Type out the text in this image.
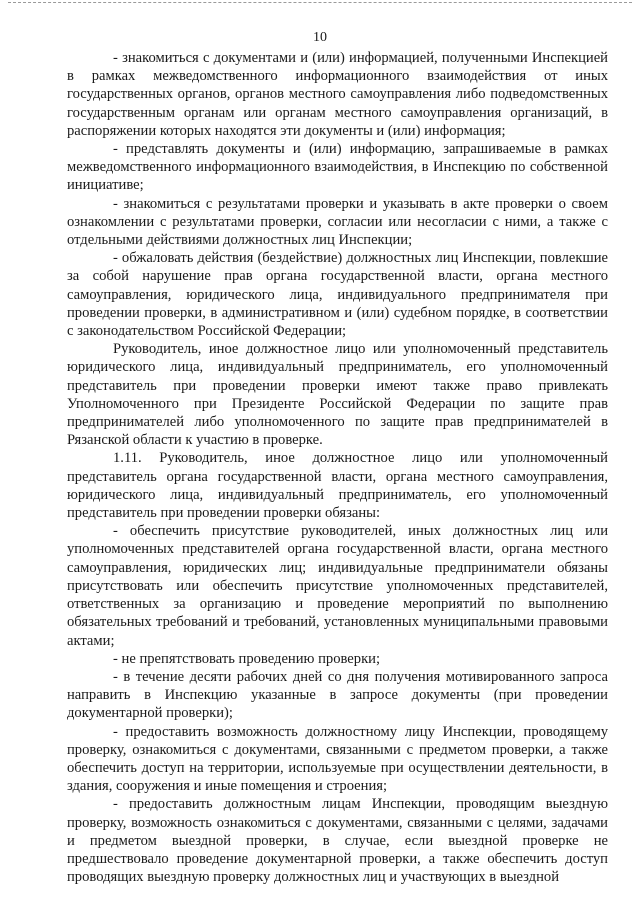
10

- знакомиться с документами и (или) информацией, полученными Инспекцией в рамках межведомственного информационного взаимодействия от иных государственных органов, органов местного самоуправления либо подведомственных государственным органам или органам местного самоуправления организаций, в распоряжении которых находятся эти документы и (или) информация;

- представлять документы и (или) информацию, запрашиваемые в рамках межведомственного информационного взаимодействия, в Инспекцию по собственной инициативе;

- знакомиться с результатами проверки и указывать в акте проверки о своем ознакомлении с результатами проверки, согласии или несогласии с ними, а также с отдельными действиями должностных лиц Инспекции;

- обжаловать действия (бездействие) должностных лиц Инспекции, повлекшие за собой нарушение прав органа государственной власти, органа местного самоуправления, юридического лица, индивидуального предпринимателя при проведении проверки, в административном и (или) судебном порядке, в соответствии с законодательством Российской Федерации;

Руководитель, иное должностное лицо или уполномоченный представитель юридического лица, индивидуальный предприниматель, его уполномоченный представитель при проведении проверки имеют также право привлекать Уполномоченного при Президенте Российской Федерации по защите прав предпринимателей либо уполномоченного по защите прав предпринимателей в Рязанской области к участию в проверке.

1.11. Руководитель, иное должностное лицо или уполномоченный представитель органа государственной власти, органа местного самоуправления, юридического лица, индивидуальный предприниматель, его уполномоченный представитель при проведении проверки обязаны:

- обеспечить присутствие руководителей, иных должностных лиц или уполномоченных представителей органа государственной власти, органа местного самоуправления, юридических лиц; индивидуальные предприниматели обязаны присутствовать или обеспечить присутствие уполномоченных представителей, ответственных за организацию и проведение мероприятий по выполнению обязательных требований и требований, установленных муниципальными правовыми актами;

- не препятствовать проведению проверки;

- в течение десяти рабочих дней со дня получения мотивированного запроса направить в Инспекцию указанные в запросе документы (при проведении документарной проверки);

- предоставить возможность должностному лицу Инспекции, проводящему проверку, ознакомиться с документами, связанными с предметом проверки, а также обеспечить доступ на территории, используемые при осуществлении деятельности, в здания, сооружения и иные помещения и строения;

- предоставить должностным лицам Инспекции, проводящим выездную проверку, возможность ознакомиться с документами, связанными с целями, задачами и предметом выездной проверки, в случае, если выездной проверке не предшествовало проведение документарной проверки, а также обеспечить доступ проводящих выездную проверку должностных лиц и участвующих в выездной
